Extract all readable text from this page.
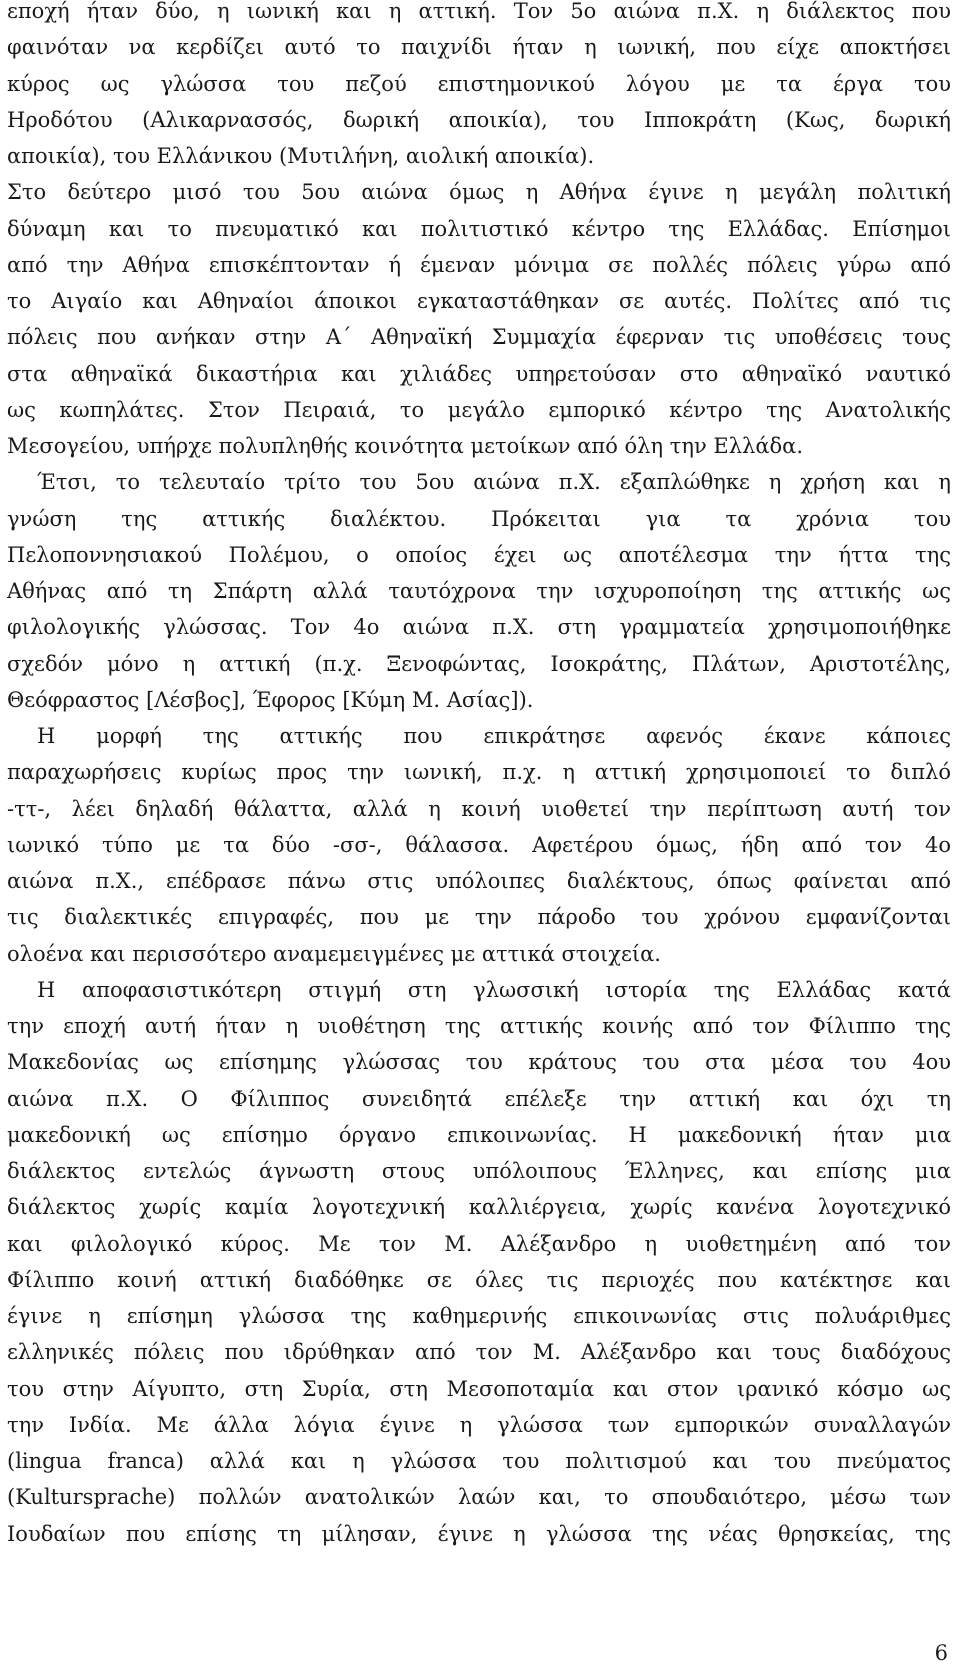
εποχή ήταν δύο, η ιωνική και η αττική. Τον 5ο αιώνα π.Χ. η διάλεκτος που
φαινόταν να κερδίζει αυτό το παιχνίδι ήταν η ιωνική, που είχε αποκτήσει
κύρος ως γλώσσα του πεζού επιστημονικού λόγου με τα έργα του
Ηροδότου (Αλικαρνασσός, δωρική αποικία), του Ιπποκράτη (Κως, δωρική
αποικία), του Ελλάνικου (Μυτιλήνη, αιολική αποικία).
Στο δεύτερο μισό του 5ου αιώνα όμως η Αθήνα έγινε η μεγάλη πολιτική
δύναμη και το πνευματικό και πολιτιστικό κέντρο της Ελλάδας. Επίσημοι
από την Αθήνα επισκέπτονταν ή έμεναν μόνιμα σε πολλές πόλεις γύρω από
το Αιγαίο και Αθηναίοι άποικοι εγκαταστάθηκαν σε αυτές. Πολίτες από τις
πόλεις που ανήκαν στην Α΄ Αθηναϊκή Συμμαχία έφερναν τις υποθέσεις τους
στα αθηναϊκά δικαστήρια και χιλιάδες υπηρετούσαν στο αθηναϊκό ναυτικό
ως κωπηλάτες. Στον Πειραιά, το μεγάλο εμπορικό κέντρο της Ανατολικής
Μεσογείου, υπήρχε πολυπληθής κοινότητα μετοίκων από όλη την Ελλάδα.
Έτσι, το τελευταίο τρίτο του 5ου αιώνα π.Χ. εξαπλώθηκε η χρήση και η
γνώση της αττικής διαλέκτου. Πρόκειται για τα χρόνια του
Πελοποννησιακού Πολέμου, ο οποίος έχει ως αποτέλεσμα την ήττα της
Αθήνας από τη Σπάρτη αλλά ταυτόχρονα την ισχυροποίηση της αττικής ως
φιλολογικής γλώσσας. Τον 4ο αιώνα π.Χ. στη γραμματεία χρησιμοποιήθηκε
σχεδόν μόνο η αττική (π.χ. Ξενοφώντας, Ισοκράτης, Πλάτων, Αριστοτέλης,
Θεόφραστος [Λέσβος], Έφορος [Κύμη Μ. Ασίας]).
Η μορφή της αττικής που επικράτησε αφενός έκανε κάποιες
παραχωρήσεις κυρίως προς την ιωνική, π.χ. η αττική χρησιμοποιεί το διπλό
-ττ-, λέει δηλαδή θάλαττα, αλλά η κοινή υιοθετεί την περίπτωση αυτή τον
ιωνικό τύπο με τα δύο -σσ-, θάλασσα. Αφετέρου όμως, ήδη από τον 4ο
αιώνα π.Χ., επέδρασε πάνω στις υπόλοιπες διαλέκτους, όπως φαίνεται από
τις διαλεκτικές επιγραφές, που με την πάροδο του χρόνου εμφανίζονται
ολοένα και περισσότερο αναμεμειγμένες με αττικά στοιχεία.
Η αποφασιστικότερη στιγμή στη γλωσσική ιστορία της Ελλάδας κατά
την εποχή αυτή ήταν η υιοθέτηση της αττικής κοινής από τον Φίλιππο της
Μακεδονίας ως επίσημης γλώσσας του κράτους του στα μέσα του 4ου
αιώνα π.Χ. Ο Φίλιππος συνειδητά επέλεξε την αττική και όχι τη
μακεδονική ως επίσημο όργανο επικοινωνίας. Η μακεδονική ήταν μια
διάλεκτος εντελώς άγνωστη στους υπόλοιπους Έλληνες, και επίσης μια
διάλεκτος χωρίς καμία λογοτεχνική καλλιέργεια, χωρίς κανένα λογοτεχνικό
και φιλολογικό κύρος. Με τον Μ. Αλέξανδρο η υιοθετημένη από τον
Φίλιππο κοινή αττική διαδόθηκε σε όλες τις περιοχές που κατέκτησε και
έγινε η επίσημη γλώσσα της καθημερινής επικοινωνίας στις πολυάριθμες
ελληνικές πόλεις που ιδρύθηκαν από τον Μ. Αλέξανδρο και τους διαδόχους
του στην Αίγυπτο, στη Συρία, στη Μεσοποταμία και στον ιρανικό κόσμο ως
την Ινδία. Με άλλα λόγια έγινε η γλώσσα των εμπορικών συναλλαγών
(lingua franca) αλλά και η γλώσσα του πολιτισμού και του πνεύματος
(Kultursprache) πολλών ανατολικών λαών και, το σπουδαιότερο, μέσω των
Ιουδαίων που επίσης τη μίλησαν, έγινε η γλώσσα της νέας θρησκείας, της
6
